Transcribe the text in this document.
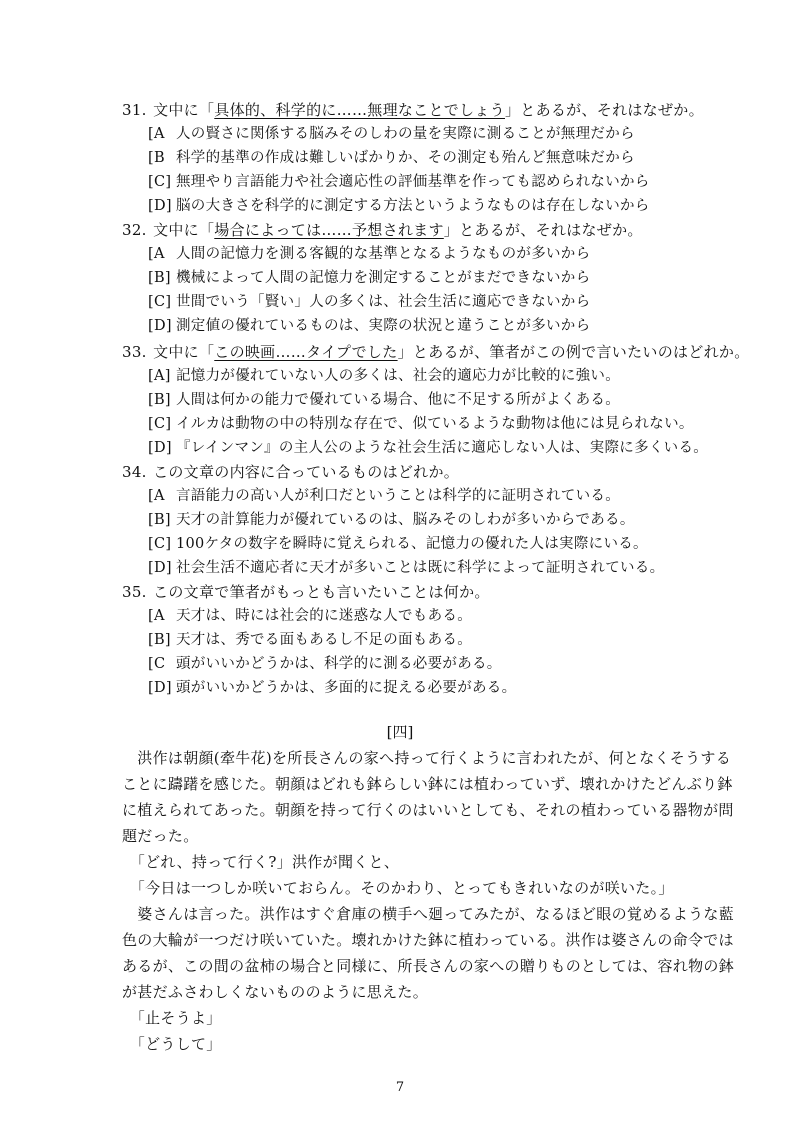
31. 文中に「具体的、科学的に……無理なことでしょう」とあるが、それはなぜか。
[A 人の賢さに関係する脳みそのしわの量を実際に測ることが無理だから
[B 科学的基準の作成は難しいばかりか、その測定も殆んど無意味だから
[C] 無理やり言語能力や社会適応性の評価基準を作っても認められないから
[D] 脳の大きさを科学的に測定する方法というようなものは存在しないから
32. 文中に「場合によっては……予想されます」とあるが、それはなぜか。
[A 人間の記憶力を測る客観的な基準となるようなものが多いから
[B] 機械によって人間の記憶力を測定することがまだできないから
[C] 世間でいう「賢い」人の多くは、社会生活に適応できないから
[D] 測定値の優れているものは、実際の状況と違うことが多いから
33. 文中に「この映画……タイプでした」とあるが、筆者がこの例で言いたいのはどれか。
[A] 記憶力が優れていない人の多くは、社会的適応力が比較的に強い。
[B] 人間は何かの能力で優れている場合、他に不足する所がよくある。
[C] イルカは動物の中の特別な存在で、似ているような動物は他には見られない。
[D] 『レインマン』の主人公のような社会生活に適応しない人は、実際に多くいる。
34. この文章の内容に合っているものはどれか。
[A 言語能力の高い人が利口だということは科学的に証明されている。
[B] 天才の計算能力が優れているのは、脳みそのしわが多いからである。
[C] 100ケタの数字を瞬時に覚えられる、記憶力の優れた人は実際にいる。
[D] 社会生活不適応者に天才が多いことは既に科学によって証明されている。
35. この文章で筆者がもっとも言いたいことは何か。
[A 天才は、時には社会的に迷惑な人でもある。
[B] 天才は、秀でる面もあるし不足の面もある。
[C 頭がいいかどうかは、科学的に測る必要がある。
[D] 頭がいいかどうかは、多面的に捉える必要がある。
[四]
　洪作は朝顔(牽牛花)を所長さんの家へ持って行くように言われたが、何となくそうする
ことに躊躇を感じた。朝顔はどれも鉢らしい鉢には植わっていず、壊れかけたどんぶり鉢
に植えられてあった。朝顔を持って行くのはいいとしても、それの植わっている器物が問
題だった。
　「どれ、持って行く?」洪作が聞くと、
　「今日は一つしか咲いておらん。そのかわり、とってもきれいなのが咲いた。」
　婆さんは言った。洪作はすぐ倉庫の横手へ廻ってみたが、なるほど眼の覚めるような藍
色の大輪が一つだけ咲いていた。壊れかけた鉢に植わっている。洪作は婆さんの命令では
あるが、この間の盆柿の場合と同様に、所長さんの家への贈りものとしては、容れ物の鉢
が甚だふさわしくないもののように思えた。
　「止そうよ」
　「どうして」
7
